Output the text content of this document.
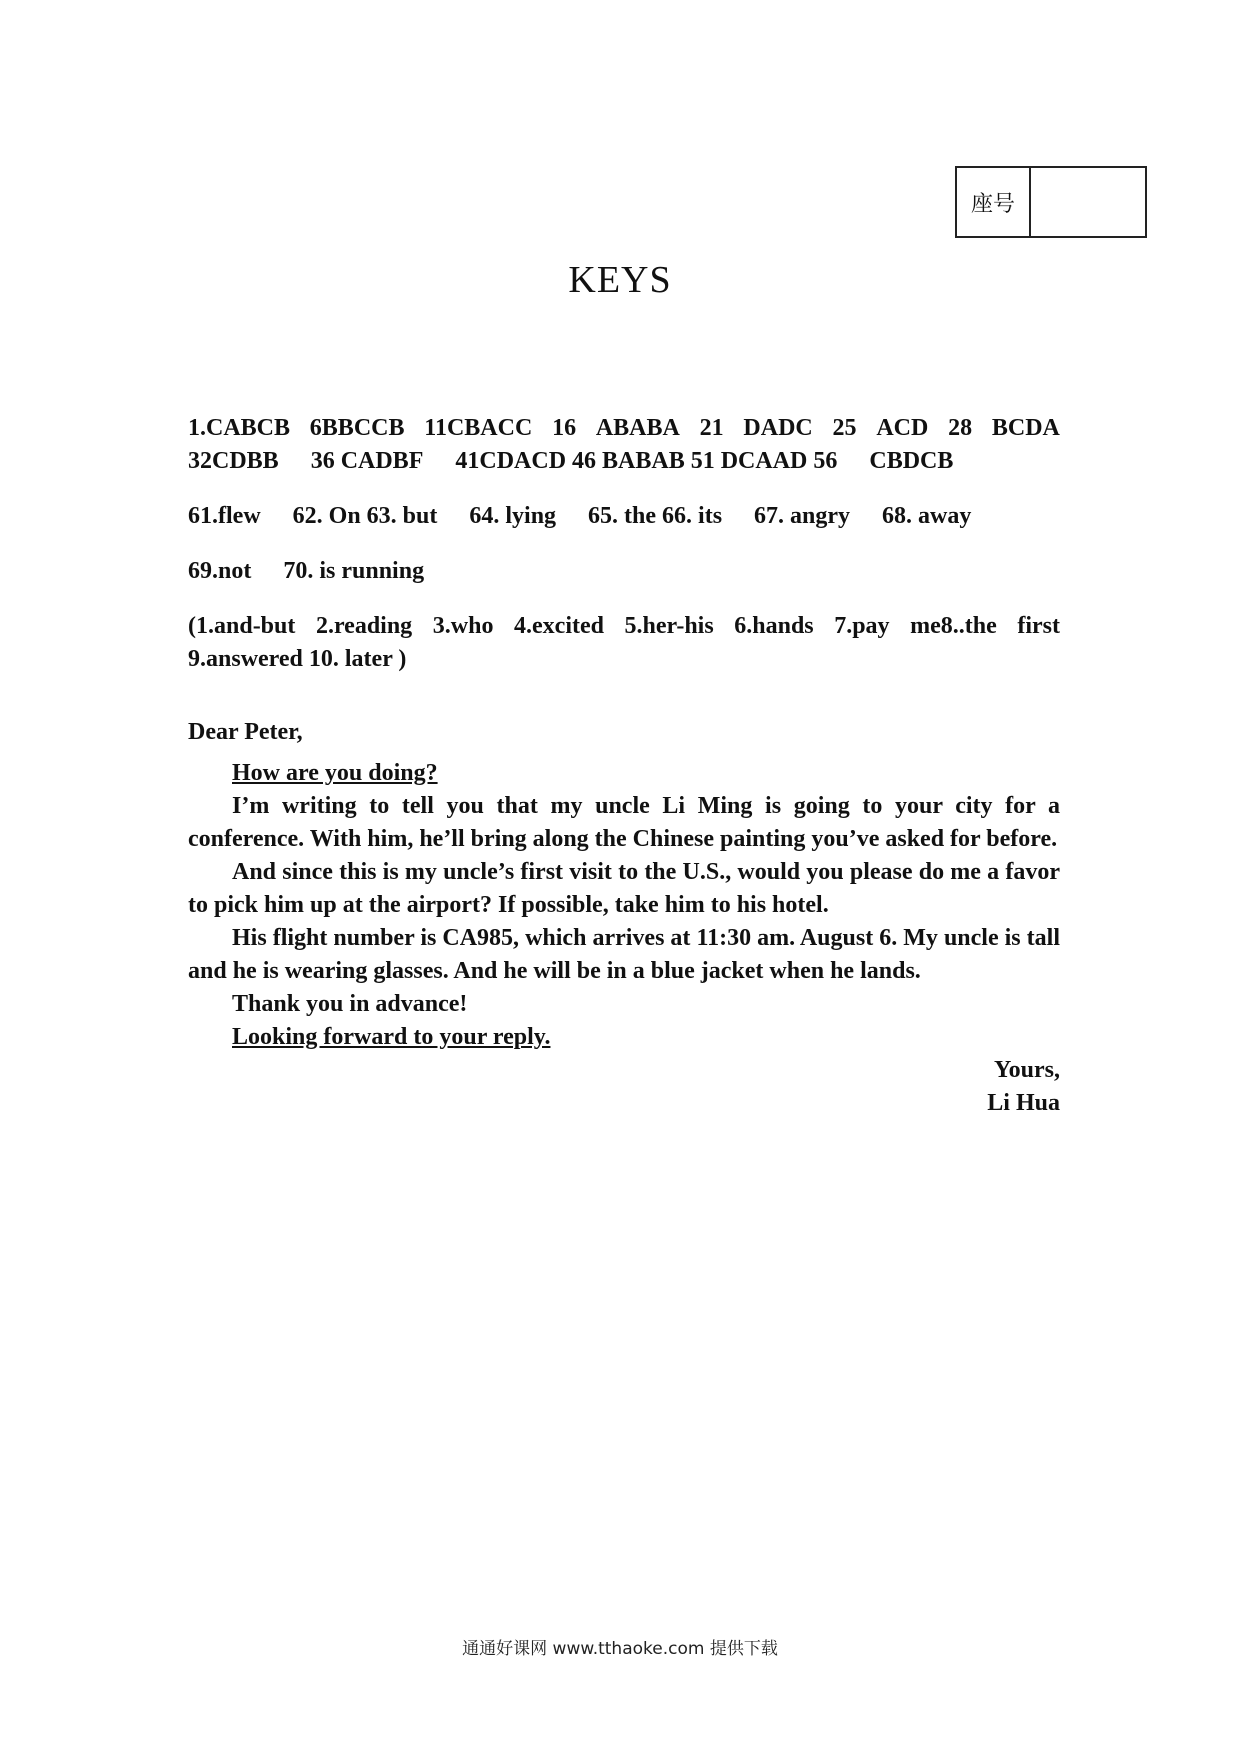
座号
KEYS
1.CABCB 6BBCCB 11CBACC 16 ABABA 21 DADC 25 ACD 28 BCDA
32CDBB 36 CADBF 41CDACD 46 BABAB 51 DCAAD 56 CBDCB
61.flew 62. On 63. but 64. lying 65. the 66. its 67. angry 68. away
69.not 70. is running

(1.and-but 2.reading 3.who 4.excited 5.her-his 6.hands 7.pay me8..the first

9.answered 10. later )

Dear Peter,

How are you doing?

I’m writing to tell you that my uncle Li Ming is going to your city for a conference. With him, he’ll bring along the Chinese painting you’ve asked for before.

And since this is my uncle’s first visit to the U.S., would you please do me a favor to pick him up at the airport? If possible, take him to his hotel.

His flight number is CA985, which arrives at 11:30 am. August 6. My uncle is tall and he is wearing glasses. And he will be in a blue jacket when he lands.

Thank you in advance!

Looking forward to your reply.

Yours,

Li Hua

通通好课网 www.tthaoke.com 提供下载
